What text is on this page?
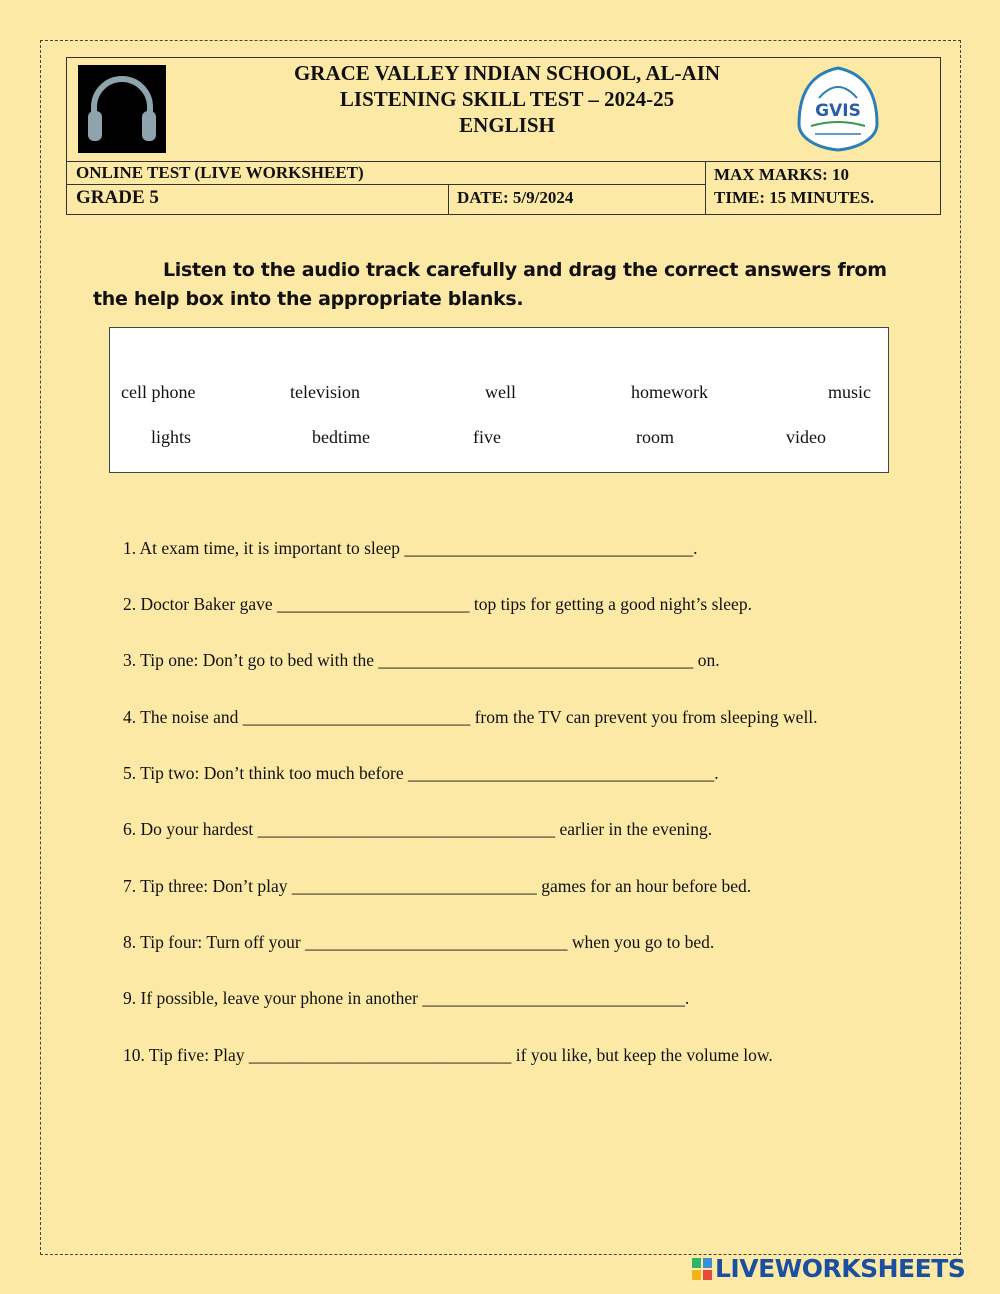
GRACE VALLEY INDIAN SCHOOL, AL-AIN
LISTENING SKILL TEST – 2024-25
ENGLISH
GVIS
ONLINE TEST (LIVE WORKSHEET)
GRADE 5	DATE: 5/9/2024
MAX MARKS: 10
TIME: 15 MINUTES.
Listen to the audio track carefully and drag the correct answers from the help box into the appropriate blanks.
cell phone	television	well	homework	music
lights	bedtime	five	room	video
1. At exam time, it is important to sleep _________________________________.
2. Doctor Baker gave ______________________ top tips for getting a good night’s sleep.
3. Tip one: Don’t go to bed with the ____________________________________ on.
4. The noise and __________________________ from the TV can prevent you from sleeping well.
5. Tip two: Don’t think too much before ___________________________________.
6. Do your hardest __________________________________ earlier in the evening.
7. Tip three: Don’t play ____________________________ games for an hour before bed.
8. Tip four: Turn off your ______________________________ when you go to bed.
9. If possible, leave your phone in another ______________________________.
10. Tip five: Play ______________________________ if you like, but keep the volume low.
LIVEWORKSHEETS
